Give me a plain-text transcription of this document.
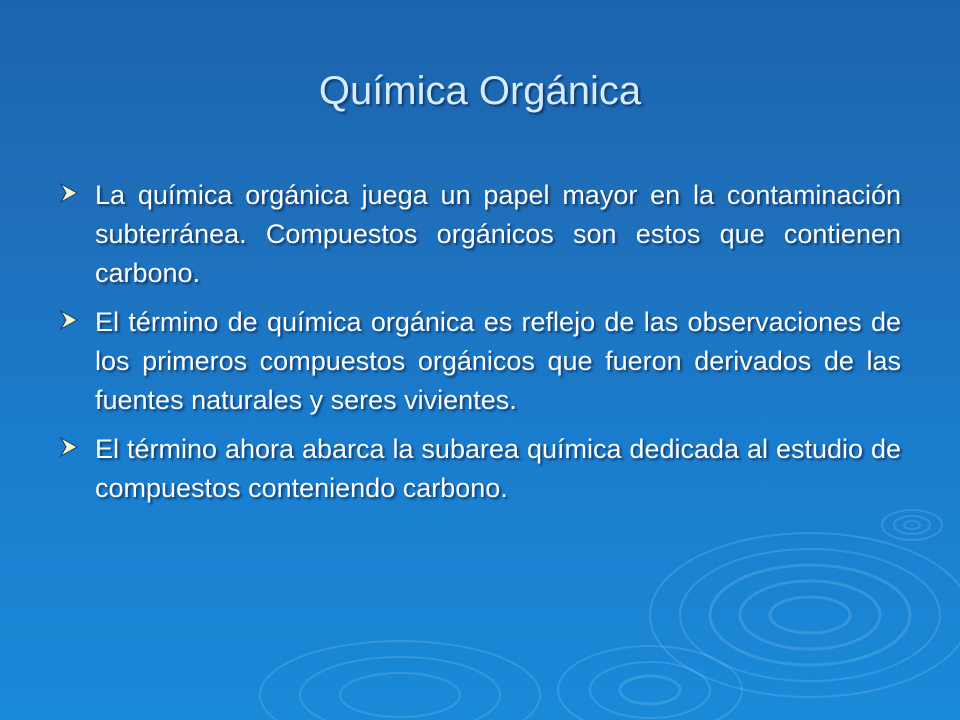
Química Orgánica
La química orgánica juega un papel mayor en la contaminación subterránea. Compuestos orgánicos son estos que contienen carbono.
El término de química orgánica es reflejo de las observaciones de los primeros compuestos orgánicos que fueron derivados de las fuentes naturales y seres vivientes.
El término ahora abarca la subarea química dedicada al estudio de compuestos conteniendo carbono.
